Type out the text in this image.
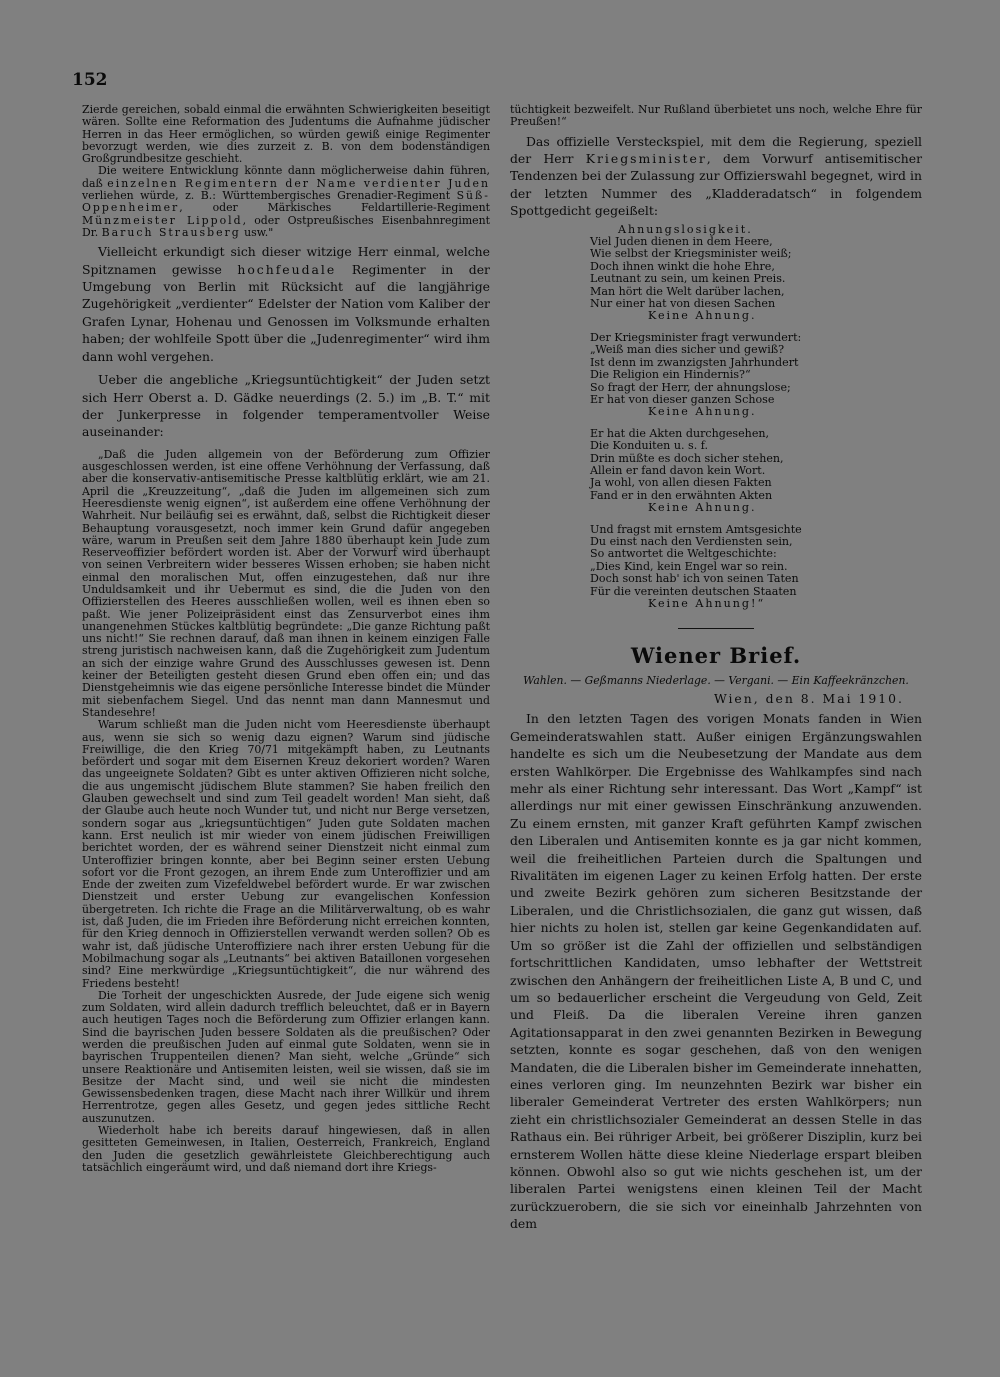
152

Zierde gereichen, sobald einmal die erwähnten Schwierigkeiten beseitigt wären. Sollte eine Reformation des Judentums die Aufnahme jüdischer Herren in das Heer ermöglichen, so würden gewiß einige Regimenter bevorzugt werden, wie dies zurzeit z. B. von dem bodenständigen Großgrundbesitze geschieht.

Die weitere Entwicklung könnte dann möglicherweise dahin führen, daß einzelnen Regimentern der Name verdienter Juden verliehen würde, z. B.: Württembergisches Grenadier-Regiment Süß-Oppenheimer, oder Märkisches Feldartillerie-Regiment Münzmeister Lippold, oder Ostpreußisches Eisenbahnregiment Dr. Baruch Strausberg usw."

Vielleicht erkundigt sich dieser witzige Herr einmal, welche Spitznamen gewisse hochfeudale Regimenter in der Umgebung von Berlin mit Rücksicht auf die langjährige Zugehörigkeit „verdienter“ Edelster der Nation vom Kaliber der Grafen Lynar, Hohenau und Genossen im Volksmunde erhalten haben; der wohlfeile Spott über die „Judenregimenter“ wird ihm dann wohl vergehen.

Ueber die angebliche „Kriegsuntüchtigkeit“ der Juden setzt sich Herr Oberst a. D. Gädke neuerdings (2. 5.) im „B. T.“ mit der Junkerpresse in folgender temperamentvoller Weise auseinander:

„Daß die Juden allgemein von der Beförderung zum Offizier ausgeschlossen werden, ist eine offene Verhöhnung der Verfassung, daß aber die konservativ-antisemitische Presse kaltblütig erklärt, wie am 21. April die „Kreuzzeitung“, „daß die Juden im allgemeinen sich zum Heeresdienste wenig eignen“, ist außerdem eine offene Verhöhnung der Wahrheit. Nur beiläufig sei es erwähnt, daß, selbst die Richtigkeit dieser Behauptung vorausgesetzt, noch immer kein Grund dafür angegeben wäre, warum in Preußen seit dem Jahre 1880 überhaupt kein Jude zum Reserveoffizier befördert worden ist. Aber der Vorwurf wird überhaupt von seinen Verbreitern wider besseres Wissen erhoben; sie haben nicht einmal den moralischen Mut, offen einzugestehen, daß nur ihre Unduldsamkeit und ihr Uebermut es sind, die die Juden von den Offizierstellen des Heeres ausschließen wollen, weil es ihnen eben so paßt. Wie jener Polizeipräsident einst das Zensurverbot eines ihm unangenehmen Stückes kaltblütig begründete: „Die ganze Richtung paßt uns nicht!“ Sie rechnen darauf, daß man ihnen in keinem einzigen Falle streng juristisch nachweisen kann, daß die Zugehörigkeit zum Judentum an sich der einzige wahre Grund des Ausschlusses gewesen ist. Denn keiner der Beteiligten gesteht diesen Grund eben offen ein; und das Dienstgeheimnis wie das eigene persönliche Interesse bindet die Münder mit siebenfachem Siegel. Und das nennt man dann Mannesmut und Standesehre!

Warum schließt man die Juden nicht vom Heeresdienste überhaupt aus, wenn sie sich so wenig dazu eignen? Warum sind jüdische Freiwillige, die den Krieg 70/71 mitgekämpft haben, zu Leutnants befördert und sogar mit dem Eisernen Kreuz dekoriert worden? Waren das ungeeignete Soldaten? Gibt es unter aktiven Offizieren nicht solche, die aus ungemischt jüdischem Blute stammen? Sie haben freilich den Glauben gewechselt und sind zum Teil geadelt worden! Man sieht, daß der Glaube auch heute noch Wunder tut, und nicht nur Berge versetzen, sondern sogar aus „kriegsuntüchtigen“ Juden gute Soldaten machen kann. Erst neulich ist mir wieder von einem jüdischen Freiwilligen berichtet worden, der es während seiner Dienstzeit nicht einmal zum Unteroffizier bringen konnte, aber bei Beginn seiner ersten Uebung sofort vor die Front gezogen, an ihrem Ende zum Unteroffizier und am Ende der zweiten zum Vizefeldwebel befördert wurde. Er war zwischen Dienstzeit und erster Uebung zur evangelischen Konfession übergetreten. Ich richte die Frage an die Militärverwaltung, ob es wahr ist, daß Juden, die im Frieden ihre Beförderung nicht erreichen konnten, für den Krieg dennoch in Offizierstellen verwandt werden sollen? Ob es wahr ist, daß jüdische Unteroffiziere nach ihrer ersten Uebung für die Mobilmachung sogar als „Leutnants“ bei aktiven Bataillonen vorgesehen sind? Eine merkwürdige „Kriegsuntüchtigkeit“, die nur während des Friedens besteht!

Die Torheit der ungeschickten Ausrede, der Jude eigene sich wenig zum Soldaten, wird allein dadurch trefflich beleuchtet, daß er in Bayern auch heutigen Tages noch die Beförderung zum Offizier erlangen kann. Sind die bayrischen Juden bessere Soldaten als die preußischen? Oder werden die preußischen Juden auf einmal gute Soldaten, wenn sie in bayrischen Truppenteilen dienen? Man sieht, welche „Gründe“ sich unsere Reaktionäre und Antisemiten leisten, weil sie wissen, daß sie im Besitze der Macht sind, und weil sie nicht die mindesten Gewissensbedenken tragen, diese Macht nach ihrer Willkür und ihrem Herrentrotze, gegen alles Gesetz, und gegen jedes sittliche Recht auszunutzen.

Wiederholt habe ich bereits darauf hingewiesen, daß in allen gesitteten Gemeinwesen, in Italien, Oesterreich, Frankreich, England den Juden die gesetzlich gewährleistete Gleichberechtigung auch tatsächlich eingeräumt wird, und daß niemand dort ihre Kriegs-

tüchtigkeit bezweifelt. Nur Rußland überbietet uns noch, welche Ehre für Preußen!“

Das offizielle Versteckspiel, mit dem die Regierung, speziell der Herr Kriegsminister, dem Vorwurf antisemitischer Tendenzen bei der Zulassung zur Offizierswahl begegnet, wird in der letzten Nummer des „Kladderadatsch“ in folgendem Spottgedicht gegeißelt:

Ahnungslosigkeit.
Viel Juden dienen in dem Heere,
Wie selbst der Kriegsminister weiß;
Doch ihnen winkt die hohe Ehre,
Leutnant zu sein, um keinen Preis.
Man hört die Welt darüber lachen,
Nur einer hat von diesen Sachen
Keine Ahnung.
Der Kriegsminister fragt verwundert:
„Weiß man dies sicher und gewiß?
Ist denn im zwanzigsten Jahrhundert
Die Religion ein Hindernis?“
So fragt der Herr, der ahnungslose;
Er hat von dieser ganzen Schose
Keine Ahnung.
Er hat die Akten durchgesehen,
Die Konduiten u. s. f.
Drin müßte es doch sicher stehen,
Allein er fand davon kein Wort.
Ja wohl, von allen diesen Fakten
Fand er in den erwähnten Akten
Keine Ahnung.
Und fragst mit ernstem Amtsgesichte
Du einst nach den Verdiensten sein,
So antwortet die Weltgeschichte:
„Dies Kind, kein Engel war so rein.
Doch sonst hab' ich von seinen Taten
Für die vereinten deutschen Staaten
Keine Ahnung!“
Wiener Brief.
Wahlen. — Geßmanns Niederlage. — Vergani. — Ein Kaffeekränzchen.
Wien, den 8. Mai 1910.

In den letzten Tagen des vorigen Monats fanden in Wien Gemeinderatswahlen statt. Außer einigen Ergänzungswahlen handelte es sich um die Neubesetzung der Mandate aus dem ersten Wahlkörper. Die Ergebnisse des Wahlkampfes sind nach mehr als einer Richtung sehr interessant. Das Wort „Kampf“ ist allerdings nur mit einer gewissen Einschränkung anzuwenden. Zu einem ernsten, mit ganzer Kraft geführten Kampf zwischen den Liberalen und Antisemiten konnte es ja gar nicht kommen, weil die freiheitlichen Parteien durch die Spaltungen und Rivalitäten im eigenen Lager zu keinen Erfolg hatten. Der erste und zweite Bezirk gehören zum sicheren Besitzstande der Liberalen, und die Christlichsozialen, die ganz gut wissen, daß hier nichts zu holen ist, stellen gar keine Gegenkandidaten auf. Um so größer ist die Zahl der offiziellen und selbständigen fortschrittlichen Kandidaten, umso lebhafter der Wettstreit zwischen den Anhängern der freiheitlichen Liste A, B und C, und um so bedauerlicher erscheint die Vergeudung von Geld, Zeit und Fleiß. Da die liberalen Vereine ihren ganzen Agitationsapparat in den zwei genannten Bezirken in Bewegung setzten, konnte es sogar geschehen, daß von den wenigen Mandaten, die die Liberalen bisher im Gemeinderate innehatten, eines verloren ging. Im neunzehnten Bezirk war bisher ein liberaler Gemeinderat Vertreter des ersten Wahlkörpers; nun zieht ein christlichsozialer Gemeinderat an dessen Stelle in das Rathaus ein. Bei rühriger Arbeit, bei größerer Disziplin, kurz bei ernsterem Wollen hätte diese kleine Niederlage erspart bleiben können. Obwohl also so gut wie nichts geschehen ist, um der liberalen Partei wenigstens einen kleinen Teil der Macht zurückzuerobern, die sie sich vor eineinhalb Jahrzehnten von dem
